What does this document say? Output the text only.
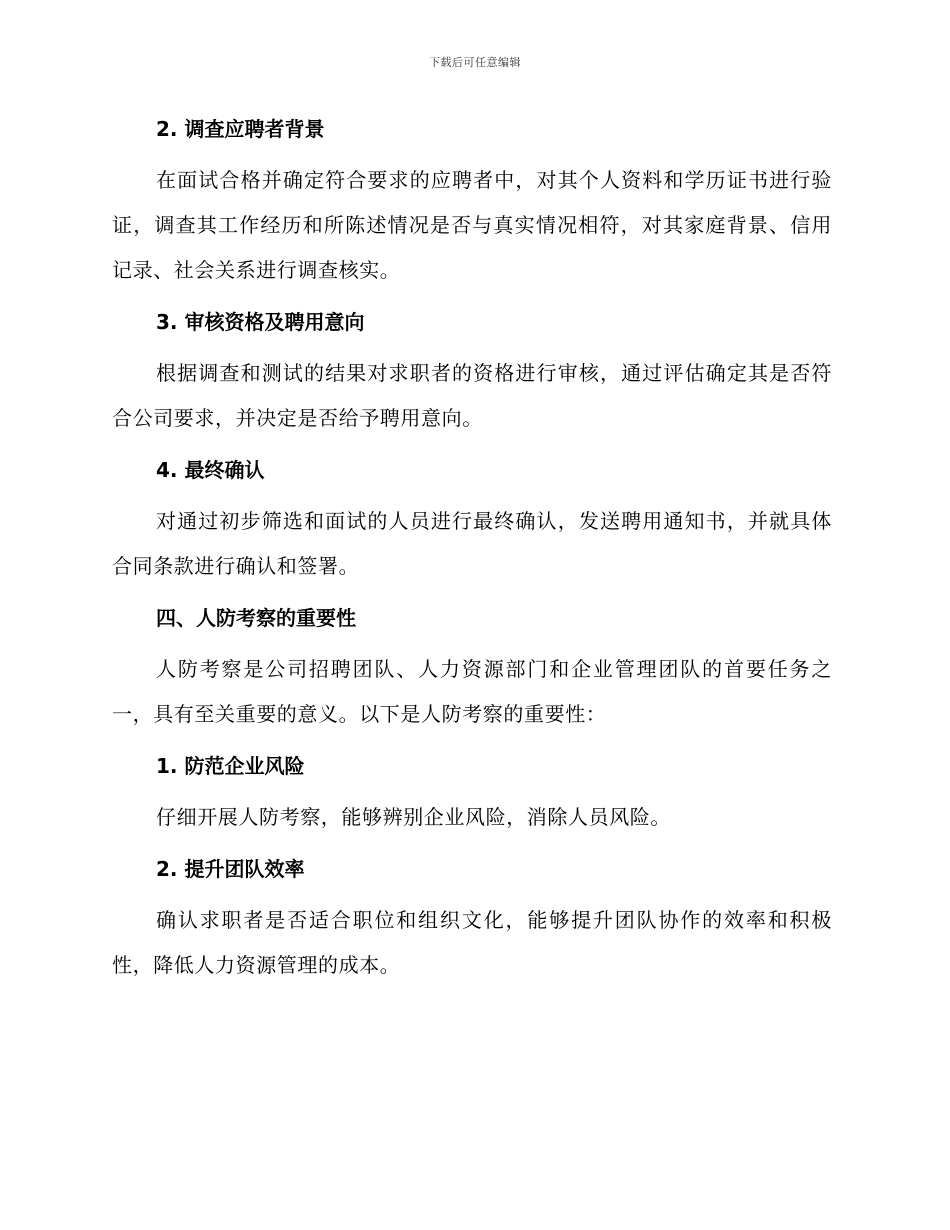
下载后可任意编辑
2. 调查应聘者背景
在面试合格并确定符合要求的应聘者中，对其个人资料和学历证书进行验证，调查其工作经历和所陈述情况是否与真实情况相符，对其家庭背景、信用记录、社会关系进行调查核实。
3. 审核资格及聘用意向
根据调查和测试的结果对求职者的资格进行审核，通过评估确定其是否符合公司要求，并决定是否给予聘用意向。
4. 最终确认
对通过初步筛选和面试的人员进行最终确认，发送聘用通知书，并就具体合同条款进行确认和签署。
四、人防考察的重要性
人防考察是公司招聘团队、人力资源部门和企业管理团队的首要任务之一，具有至关重要的意义。以下是人防考察的重要性：
1. 防范企业风险
仔细开展人防考察，能够辨别企业风险，消除人员风险。
2. 提升团队效率
确认求职者是否适合职位和组织文化，能够提升团队协作的效率和积极性，降低人力资源管理的成本。
